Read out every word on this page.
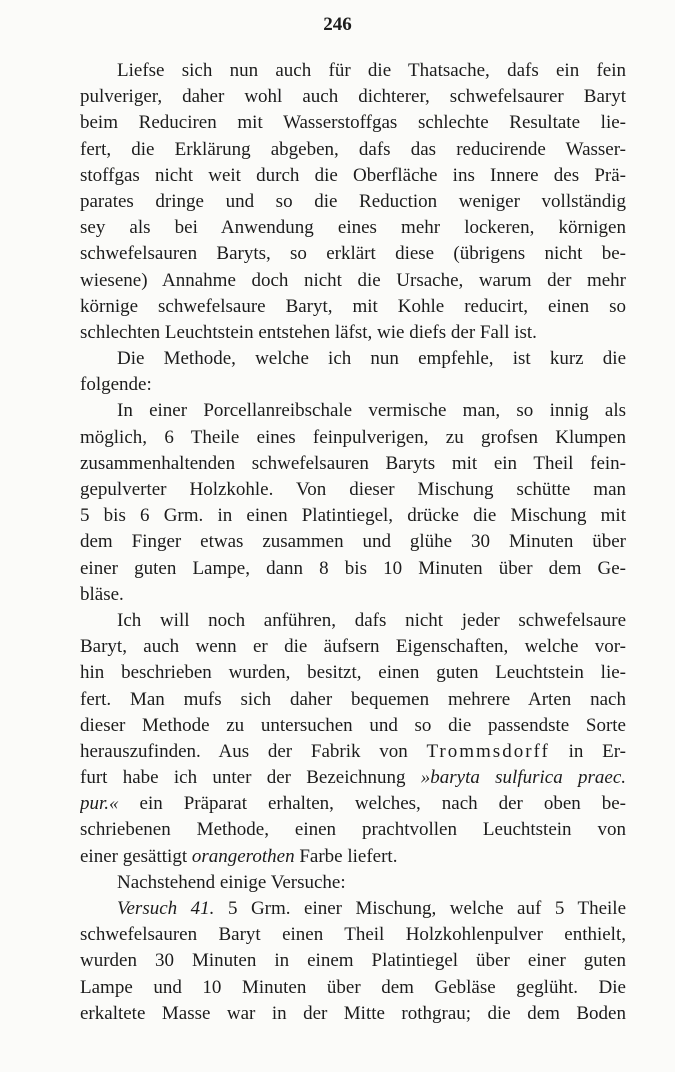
246
Liefse sich nun auch für die Thatsache, dafs ein fein
pulveriger, daher wohl auch dichterer, schwefelsaurer Baryt
beim Reduciren mit Wasserstoffgas schlechte Resultate lie-
fert, die Erklärung abgeben, dafs das reducirende Wasser-
stoffgas nicht weit durch die Oberfläche ins Innere des Prä-
parates dringe und so die Reduction weniger vollständig
sey als bei Anwendung eines mehr lockeren, körnigen
schwefelsauren Baryts, so erklärt diese (übrigens nicht be-
wiesene) Annahme doch nicht die Ursache, warum der mehr
körnige schwefelsaure Baryt, mit Kohle reducirt, einen so
schlechten Leuchtstein entstehen läfst, wie diefs der Fall ist.
Die Methode, welche ich nun empfehle, ist kurz die
folgende:
In einer Porcellanreibschale vermische man, so innig als
möglich, 6 Theile eines feinpulverigen, zu grofsen Klumpen
zusammenhaltenden schwefelsauren Baryts mit ein Theil fein-
gepulverter Holzkohle. Von dieser Mischung schütte man
5 bis 6 Grm. in einen Platintiegel, drücke die Mischung mit
dem Finger etwas zusammen und glühe 30 Minuten über
einer guten Lampe, dann 8 bis 10 Minuten über dem Ge-
bläse.
Ich will noch anführen, dafs nicht jeder schwefelsaure
Baryt, auch wenn er die äufsern Eigenschaften, welche vor-
hin beschrieben wurden, besitzt, einen guten Leuchtstein lie-
fert. Man mufs sich daher bequemen mehrere Arten nach
dieser Methode zu untersuchen und so die passendste Sorte
herauszufinden. Aus der Fabrik von Trommsdorff in Er-
furt habe ich unter der Bezeichnung »baryta sulfurica praec.
pur.« ein Präparat erhalten, welches, nach der oben be-
schriebenen Methode, einen prachtvollen Leuchtstein von
einer gesättigt orangerothen Farbe liefert.
Nachstehend einige Versuche:
Versuch 41. 5 Grm. einer Mischung, welche auf 5 Theile
schwefelsauren Baryt einen Theil Holzkohlenpulver enthielt,
wurden 30 Minuten in einem Platintiegel über einer guten
Lampe und 10 Minuten über dem Gebläse geglüht. Die
erkaltete Masse war in der Mitte rothgrau; die dem Boden
